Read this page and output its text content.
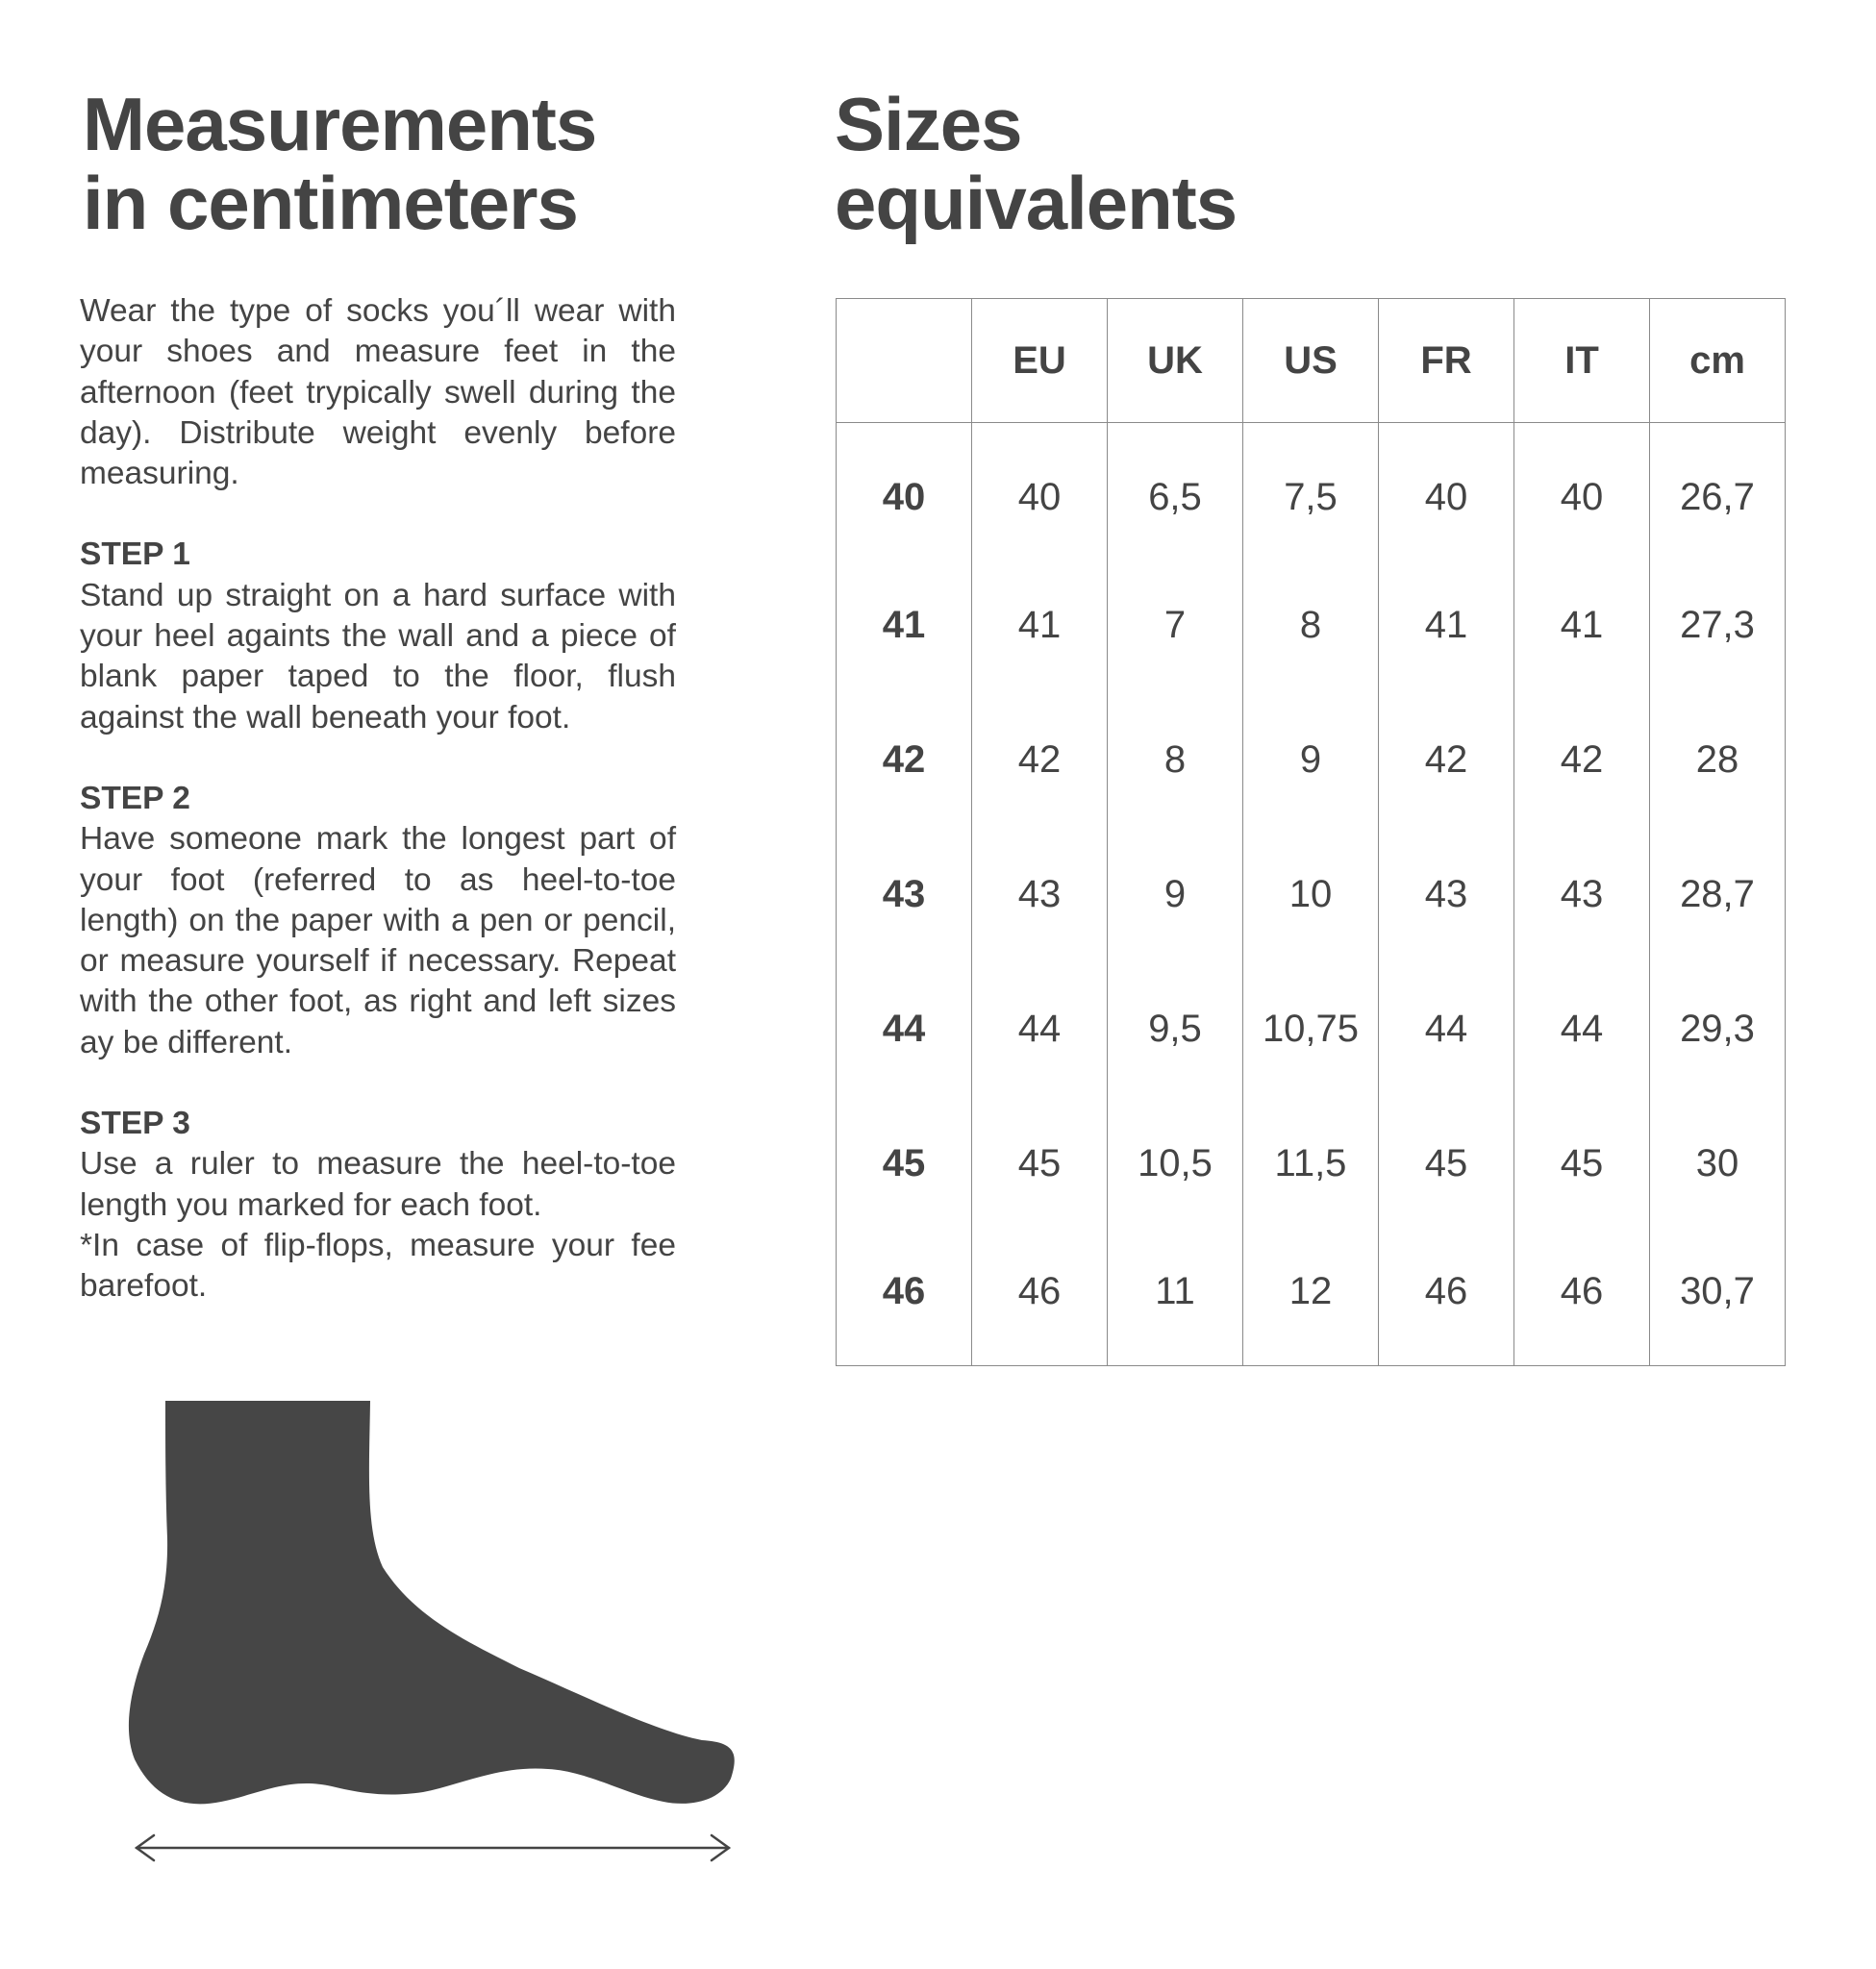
Measurements
in centimeters

Wear the type of socks you´ll wear with

your shoes and measure feet in the

afternoon (feet trypically swell during the

day). Distribute weight evenly before

measuring.

STEP 1

Stand up straight on a hard surface with

your heel againts the wall and a piece of

blank paper taped to the floor, flush

against the wall beneath your foot.

STEP 2

Have someone mark the longest part of

your foot (referred to as heel-to-toe

length) on the paper with a pen or pencil,

or measure yourself if necessary. Repeat

with the other foot, as right and left sizes

ay be different.

STEP 3

Use a ruler to measure the heel-to-toe

length you marked for each foot.

*In case of flip-flops, measure your fee

barefoot.

Sizes
equivalents
	EU	UK	US	FR	IT	cm
40	40	6,5	7,5	40	40	26,7
41	41	7	8	41	41	27,3
42	42	8	9	42	42	28
43	43	9	10	43	43	28,7
44	44	9,5	10,75	44	44	29,3
45	45	10,5	11,5	45	45	30
46	46	11	12	46	46	30,7
